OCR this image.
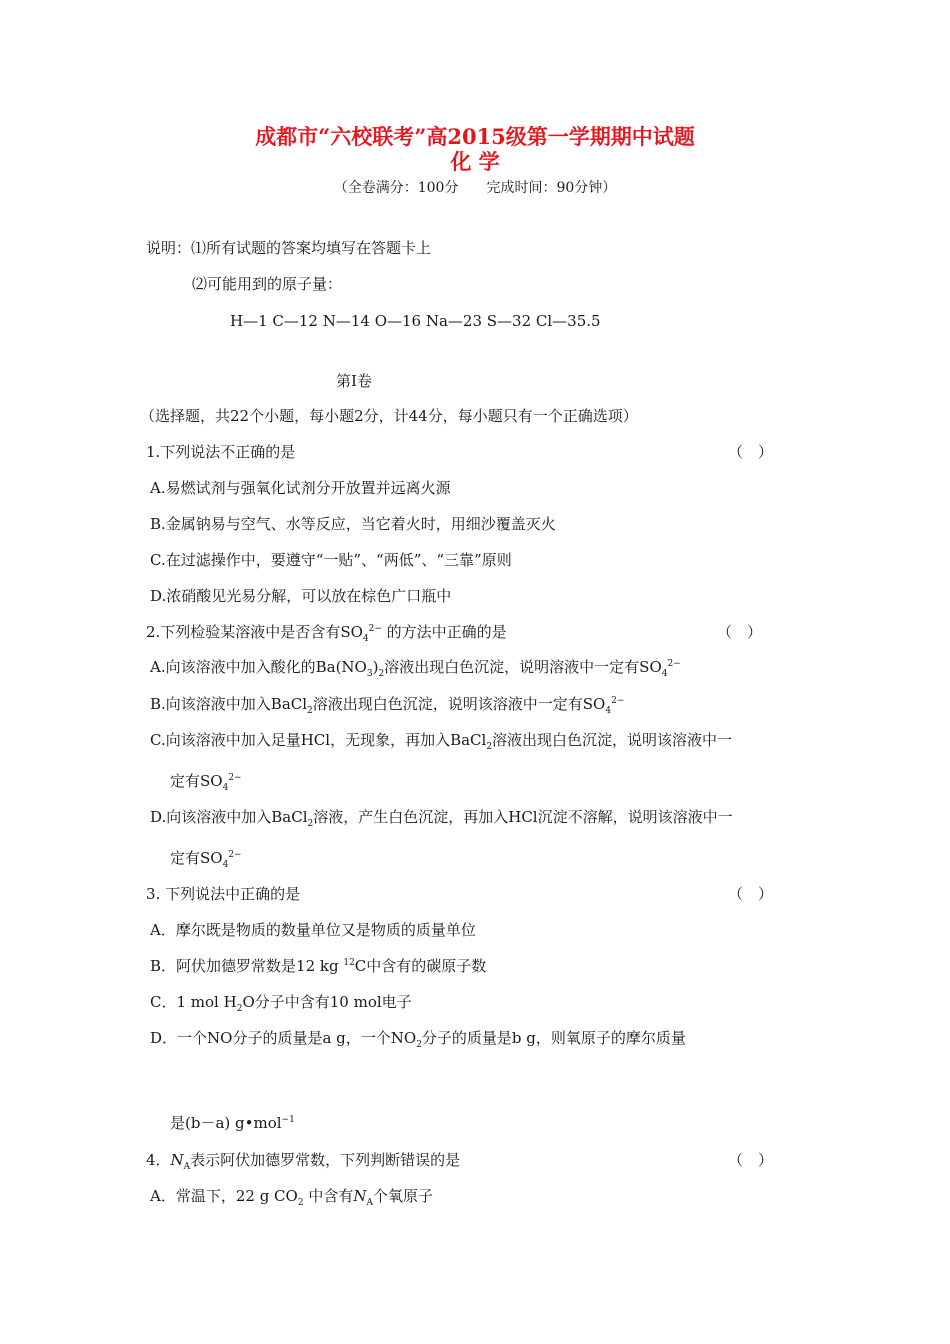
成都市“六校联考”高2015级第一学期期中试题
化 学
（全卷满分：100分　　完成时间：90分钟）
说明：⑴所有试题的答案均填写在答题卡上
⑵可能用到的原子量：
H—1 C—12 N—14 O—16 Na—23 S—32 Cl—35.5
第Ⅰ卷
（选择题，共22个小题，每小题2分，计44分，每小题只有一个正确选项）
1.下列说法不正确的是	（　）
A.易燃试剂与强氧化试剂分开放置并远离火源
B.金属钠易与空气、水等反应，当它着火时，用细沙覆盖灭火
C.在过滤操作中，要遵守“一贴”、“两低”、“三靠”原则
D.浓硝酸见光易分解，可以放在棕色广口瓶中
2.下列检验某溶液中是否含有$SO_4^{2-}$ 的方法中正确的是	（　）
A.向该溶液中加入酸化的$Ba(NO_3)_2$溶液出现白色沉淀，说明溶液中一定有$SO_4^{2-}$
B.向该溶液中加入BaCl$_2$溶液出现白色沉淀，说明该溶液中一定有$SO_4^{2-}$
C.向该溶液中加入足量HCl，无现象，再加入BaCl$_2$溶液出现白色沉淀，说明该溶液中一
定有$SO_4^{2-}$
D.向该溶液中加入BaCl$_2$溶液，产生白色沉淀，再加入HCl沉淀不溶解，说明该溶液中一
定有$SO_4^{2-}$
3. 下列说法中正确的是	（　）
A．摩尔既是物质的数量单位又是物质的质量单位
B．阿伏加德罗常数是12 kg $^{12}$C中含有的碳原子数
C．1 mol $H_2O$分子中含有10 mol电子
D．一个NO分子的质量是a g，一个$NO_2$分子的质量是b g，则氧原子的摩尔质量
是(b－a) g•mol$^{-1}$
4．$N_A$表示阿伏加德罗常数，下列判断错误的是	（　）
A．常温下，22 g $CO_2$ 中含有$N_A$个氧原子
